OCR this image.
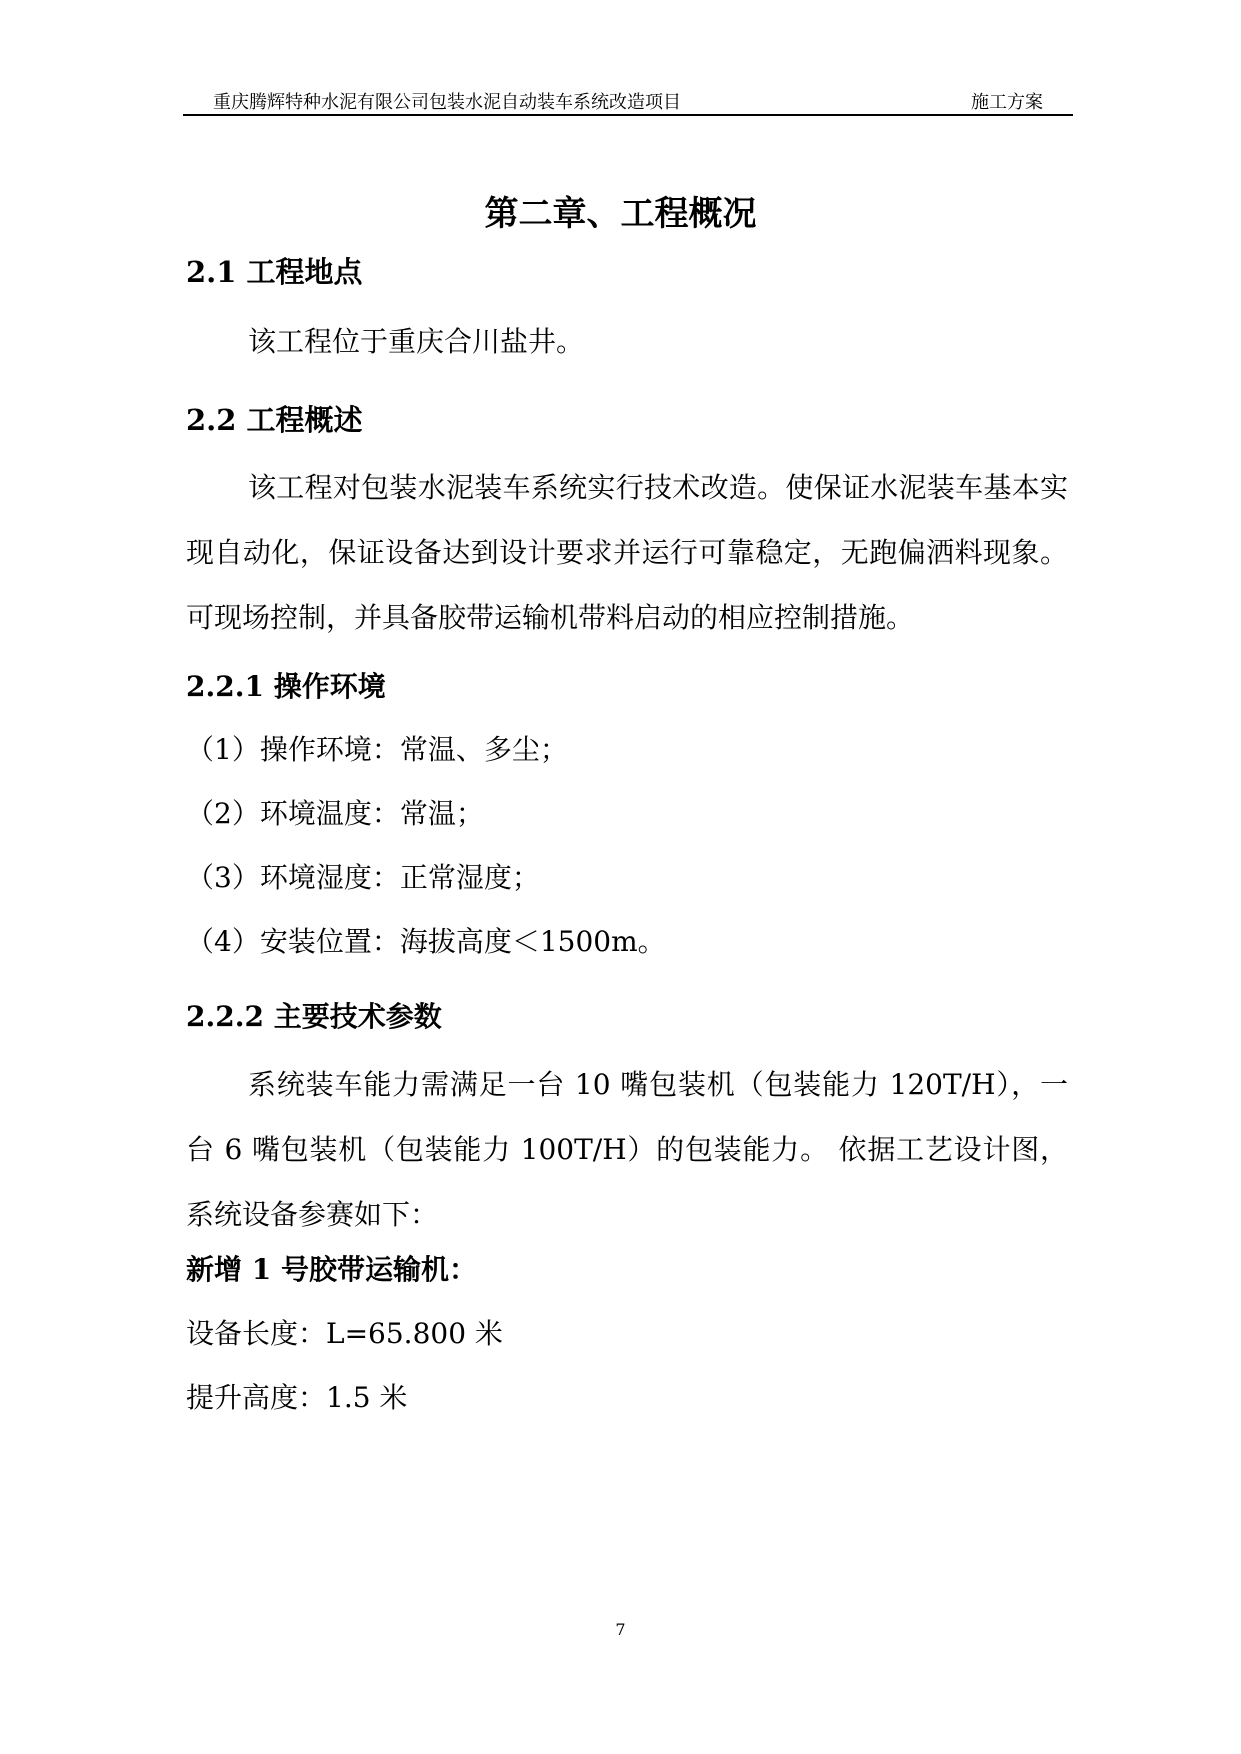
重庆腾辉特种水泥有限公司包装水泥自动装车系统改造项目	施工方案
第二章、工程概况
2.1 工程地点
该工程位于重庆合川盐井。
2.2 工程概述
该工程对包装水泥装车系统实行技术改造。使保证水泥装车基本实现自动化，保证设备达到设计要求并运行可靠稳定，无跑偏洒料现象。可现场控制，并具备胶带运输机带料启动的相应控制措施。
2.2.1 操作环境
（1）操作环境：常温、多尘；
（2）环境温度：常温；
（3）环境湿度：正常湿度；
（4）安装位置：海拔高度＜1500m。
2.2.2 主要技术参数
系统装车能力需满足一台 10 嘴包装机（包装能力 120T/H），一台 6 嘴包装机（包装能力 100T/H）的包装能力。 依据工艺设计图，系统设备参赛如下：
新增 1 号胶带运输机：
设备长度：L=65.800 米
提升高度：1.5 米
7
